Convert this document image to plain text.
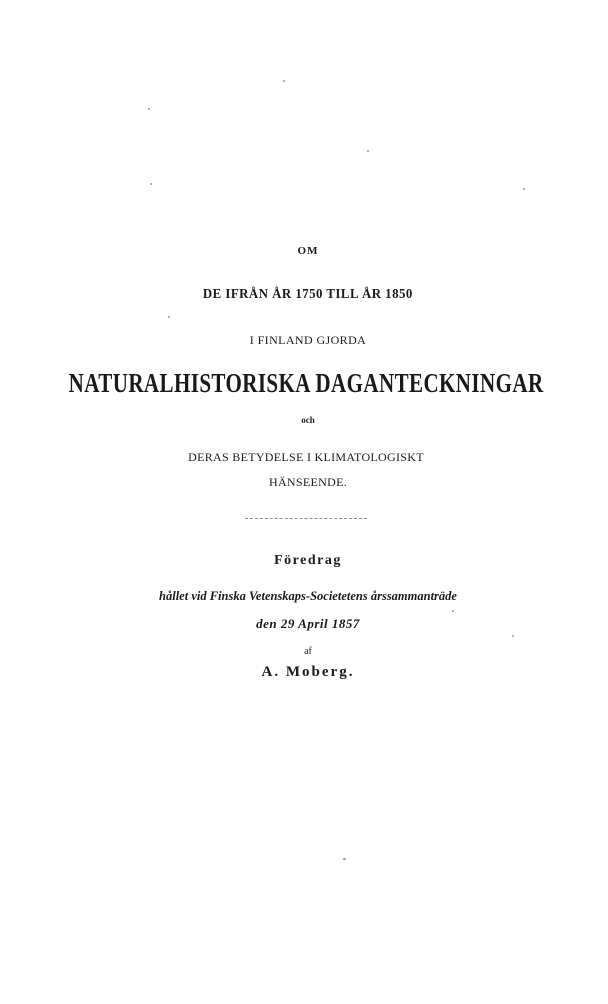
OM
DE IFRÅN ÅR 1750 TILL ÅR 1850
I FINLAND GJORDA
NATURALHISTORISKA DAGANTECKNINGAR
och
DERAS BETYDELSE I KLIMATOLOGISKT
HÄNSEENDE.
Föredrag
hållet vid Finska Vetenskaps-Societetens årssammanträde
den 29 April 1857
af
A. Moberg.
